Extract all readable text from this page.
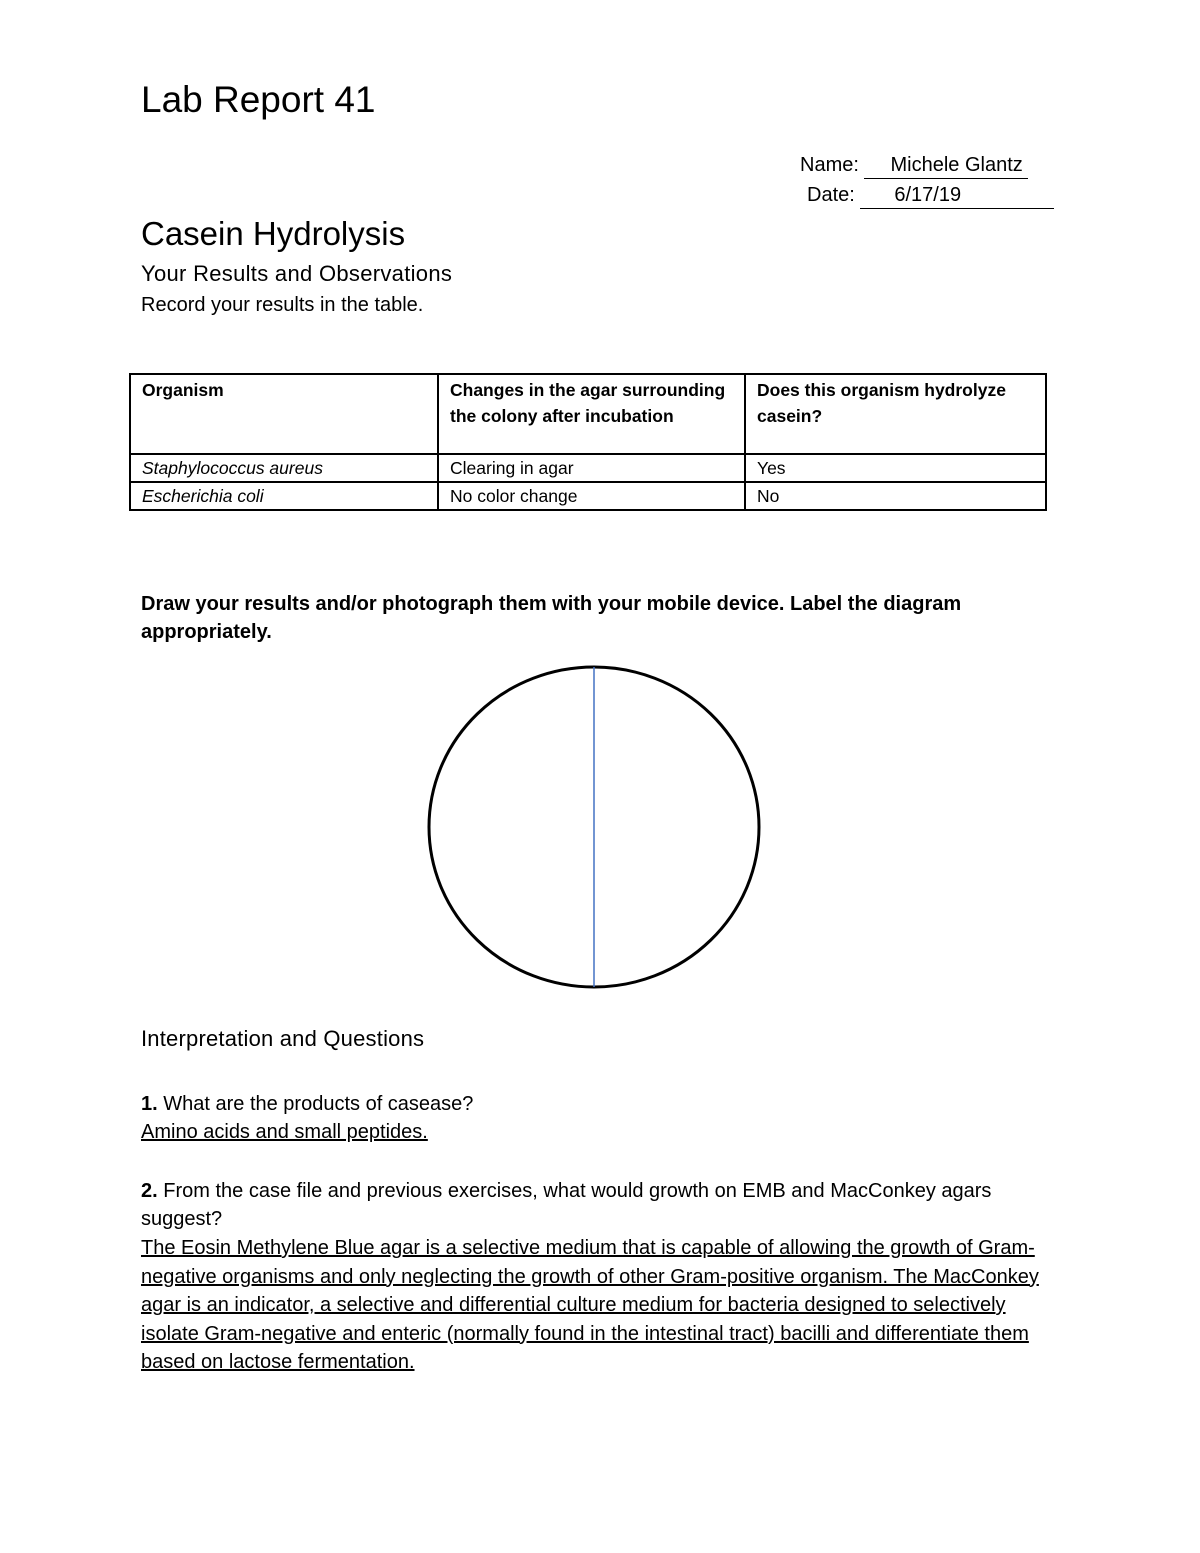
Lab Report 41
Name: Michele Glantz
Date: 6/17/19
Casein Hydrolysis
Your Results and Observations
Record your results in the table.
Organism	Changes in the agar surrounding the colony after incubation	Does this organism hydrolyze casein?
Staphylococcus aureus	Clearing in agar	Yes
Escherichia coli	No color change	No
Draw your results and/or photograph them with your mobile device. Label the diagram appropriately.
Interpretation and Questions
1. What are the products of casease?
Amino acids and small peptides.
2. From the case file and previous exercises, what would growth on EMB and MacConkey agars suggest?
The Eosin Methylene Blue agar is a selective medium that is capable of allowing the growth of Gram-negative organisms and only neglecting the growth of other Gram-positive organism. The MacConkey agar is an indicator, a selective and differential culture medium for bacteria designed to selectively isolate Gram-negative and enteric (normally found in the intestinal tract) bacilli and differentiate them based on lactose fermentation.
